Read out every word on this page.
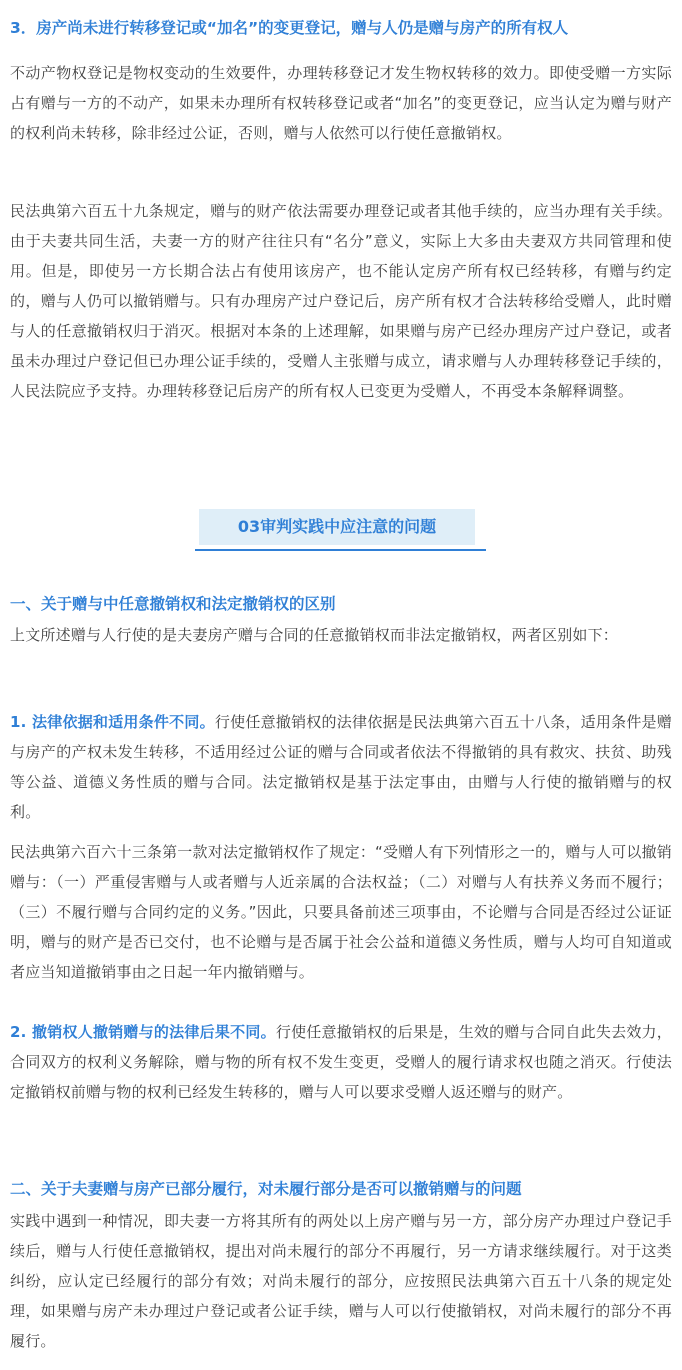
3．房产尚未进行转移登记或“加名”的变更登记，赠与人仍是赠与房产的所有权人

不动产物权登记是物权变动的生效要件，办理转移登记才发生物权转移的效力。即使受赠一方实际占有赠与一方的不动产，如果未办理所有权转移登记或者“加名”的变更登记，应当认定为赠与财产的权利尚未转移，除非经过公证，否则，赠与人依然可以行使任意撤销权。

民法典第六百五十九条规定，赠与的财产依法需要办理登记或者其他手续的，应当办理有关手续。由于夫妻共同生活，夫妻一方的财产往往只有“名分”意义，实际上大多由夫妻双方共同管理和使用。但是，即使另一方长期合法占有使用该房产，也不能认定房产所有权已经转移，有赠与约定的，赠与人仍可以撤销赠与。只有办理房产过户登记后，房产所有权才合法转移给受赠人，此时赠与人的任意撤销权归于消灭。根据对本条的上述理解，如果赠与房产已经办理房产过户登记，或者虽未办理过户登记但已办理公证手续的，受赠人主张赠与成立，请求赠与人办理转移登记手续的，人民法院应予支持。办理转移登记后房产的所有权人已变更为受赠人，不再受本条解释调整。

03审判实践中应注意的问题

一、关于赠与中任意撤销权和法定撤销权的区别

上文所述赠与人行使的是夫妻房产赠与合同的任意撤销权而非法定撤销权，两者区别如下：

1. 法律依据和适用条件不同。行使任意撤销权的法律依据是民法典第六百五十八条，适用条件是赠与房产的产权未发生转移，不适用经过公证的赠与合同或者依法不得撤销的具有救灾、扶贫、助残等公益、道德义务性质的赠与合同。法定撤销权是基于法定事由，由赠与人行使的撤销赠与的权利。

民法典第六百六十三条第一款对法定撤销权作了规定：“受赠人有下列情形之一的，赠与人可以撤销赠与：（一）严重侵害赠与人或者赠与人近亲属的合法权益；（二）对赠与人有扶养义务而不履行；（三）不履行赠与合同约定的义务。”因此，只要具备前述三项事由，不论赠与合同是否经过公证证明，赠与的财产是否已交付，也不论赠与是否属于社会公益和道德义务性质，赠与人均可自知道或者应当知道撤销事由之日起一年内撤销赠与。

2. 撤销权人撤销赠与的法律后果不同。行使任意撤销权的后果是，生效的赠与合同自此失去效力，合同双方的权利义务解除，赠与物的所有权不发生变更，受赠人的履行请求权也随之消灭。行使法定撤销权前赠与物的权利已经发生转移的，赠与人可以要求受赠人返还赠与的财产。

二、关于夫妻赠与房产已部分履行，对未履行部分是否可以撤销赠与的问题

实践中遇到一种情况，即夫妻一方将其所有的两处以上房产赠与另一方，部分房产办理过户登记手续后，赠与人行使任意撤销权，提出对尚未履行的部分不再履行，另一方请求继续履行。对于这类纠纷，应认定已经履行的部分有效；对尚未履行的部分，应按照民法典第六百五十八条的规定处理，如果赠与房产未办理过户登记或者公证手续，赠与人可以行使撤销权，对尚未履行的部分不再履行。
